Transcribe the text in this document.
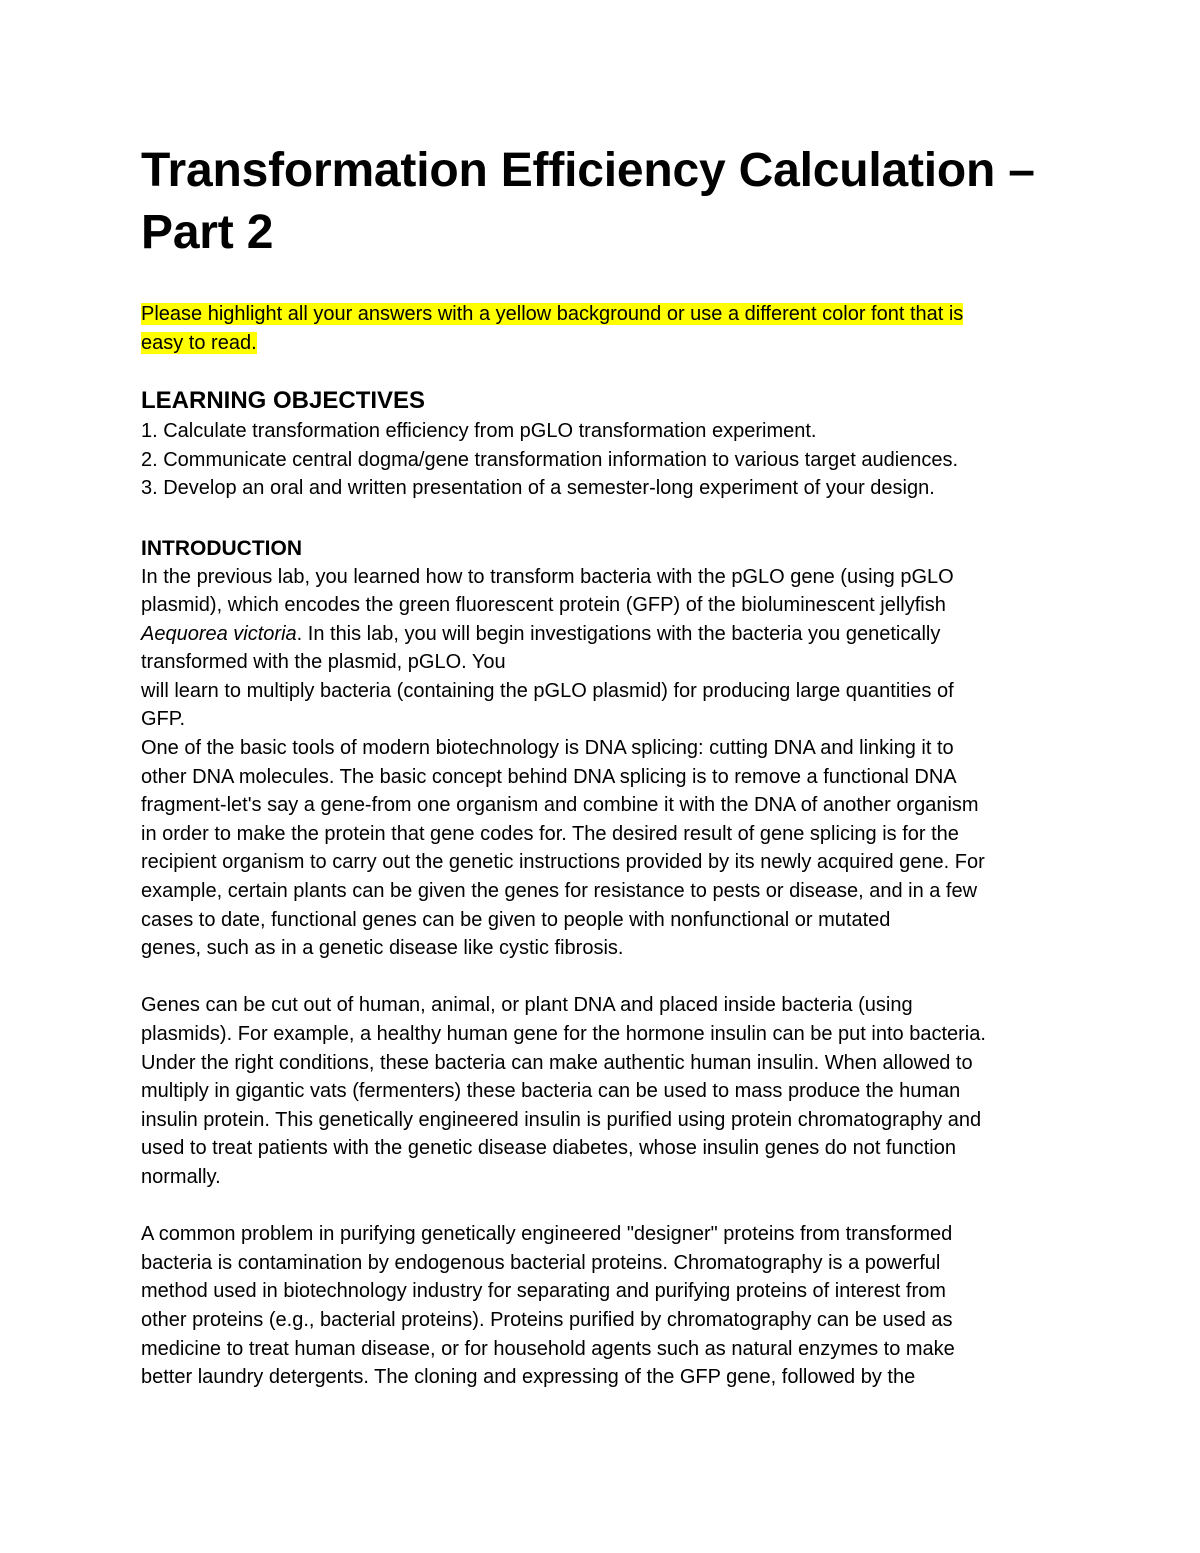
Transformation Efficiency Calculation –
Part 2

Please highlight all your answers with a yellow background or use a different color font that is
easy to read.

LEARNING OBJECTIVES
1. Calculate transformation efficiency from pGLO transformation experiment.
2. Communicate central dogma/gene transformation information to various target audiences.
3. Develop an oral and written presentation of a semester-long experiment of your design.
INTRODUCTION

In the previous lab, you learned how to transform bacteria with the pGLO gene (using pGLO
plasmid), which encodes the green fluorescent protein (GFP) of the bioluminescent jellyfish
Aequorea victoria. In this lab, you will begin investigations with the bacteria you genetically
transformed with the plasmid, pGLO. You
will learn to multiply bacteria (containing the pGLO plasmid) for producing large quantities of
GFP.

One of the basic tools of modern biotechnology is DNA splicing: cutting DNA and linking it to
other DNA molecules. The basic concept behind DNA splicing is to remove a functional DNA
fragment-let's say a gene-from one organism and combine it with the DNA of another organism
in order to make the protein that gene codes for. The desired result of gene splicing is for the
recipient organism to carry out the genetic instructions provided by its newly acquired gene. For
example, certain plants can be given the genes for resistance to pests or disease, and in a few
cases to date, functional genes can be given to people with nonfunctional or mutated
genes, such as in a genetic disease like cystic fibrosis.

Genes can be cut out of human, animal, or plant DNA and placed inside bacteria (using
plasmids). For example, a healthy human gene for the hormone insulin can be put into bacteria.
Under the right conditions, these bacteria can make authentic human insulin. When allowed to
multiply in gigantic vats (fermenters) these bacteria can be used to mass produce the human
insulin protein. This genetically engineered insulin is purified using protein chromatography and
used to treat patients with the genetic disease diabetes, whose insulin genes do not function
normally.

A common problem in purifying genetically engineered "designer" proteins from transformed
bacteria is contamination by endogenous bacterial proteins. Chromatography is a powerful
method used in biotechnology industry for separating and purifying proteins of interest from
other proteins (e.g., bacterial proteins). Proteins purified by chromatography can be used as
medicine to treat human disease, or for household agents such as natural enzymes to make
better laundry detergents. The cloning and expressing of the GFP gene, followed by the
